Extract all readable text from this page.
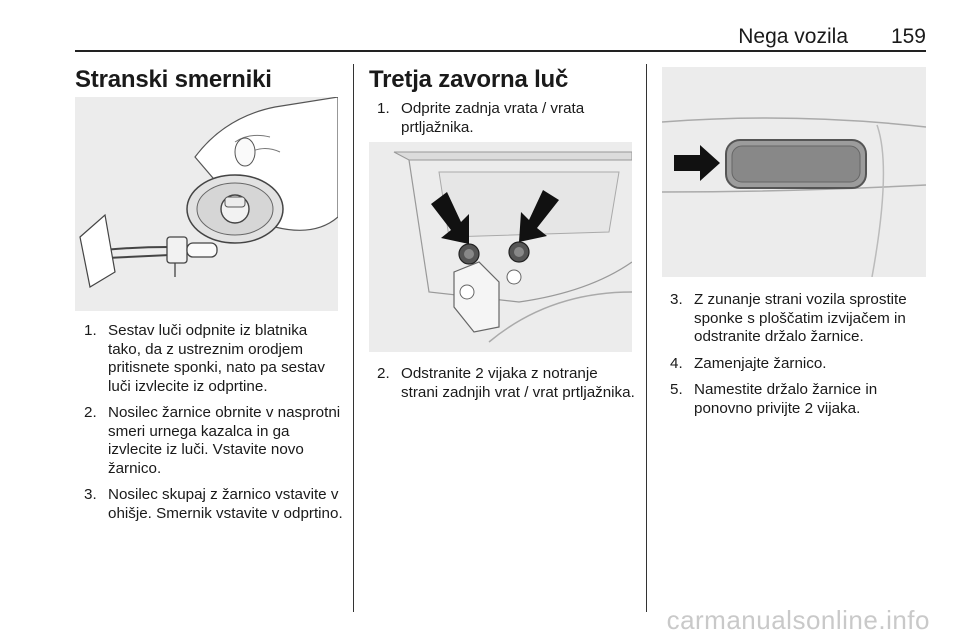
Nega vozila 159
Stranski smerniki
1. Sestav luči odpnite iz blatnika tako, da z ustreznim orodjem pritisnete sponki, nato pa sestav luči izvlecite iz odprtine.
2. Nosilec žarnice obrnite v nasprotni smeri urnega kazalca in ga izvlecite iz luči. Vstavite novo žarnico.
3. Nosilec skupaj z žarnico vstavite v ohišje. Smernik vstavite v odprtino.
Tretja zavorna luč
1. Odprite zadnja vrata / vrata prtljažnika.
2. Odstranite 2 vijaka z notranje strani zadnjih vrat / vrat prtljažnika.
3. Z zunanje strani vozila sprostite sponke s ploščatim izvijačem in odstranite držalo žarnice.
4. Zamenjajte žarnico.
5. Namestite držalo žarnice in ponovno privijte 2 vijaka.
carmanualsonline.info
